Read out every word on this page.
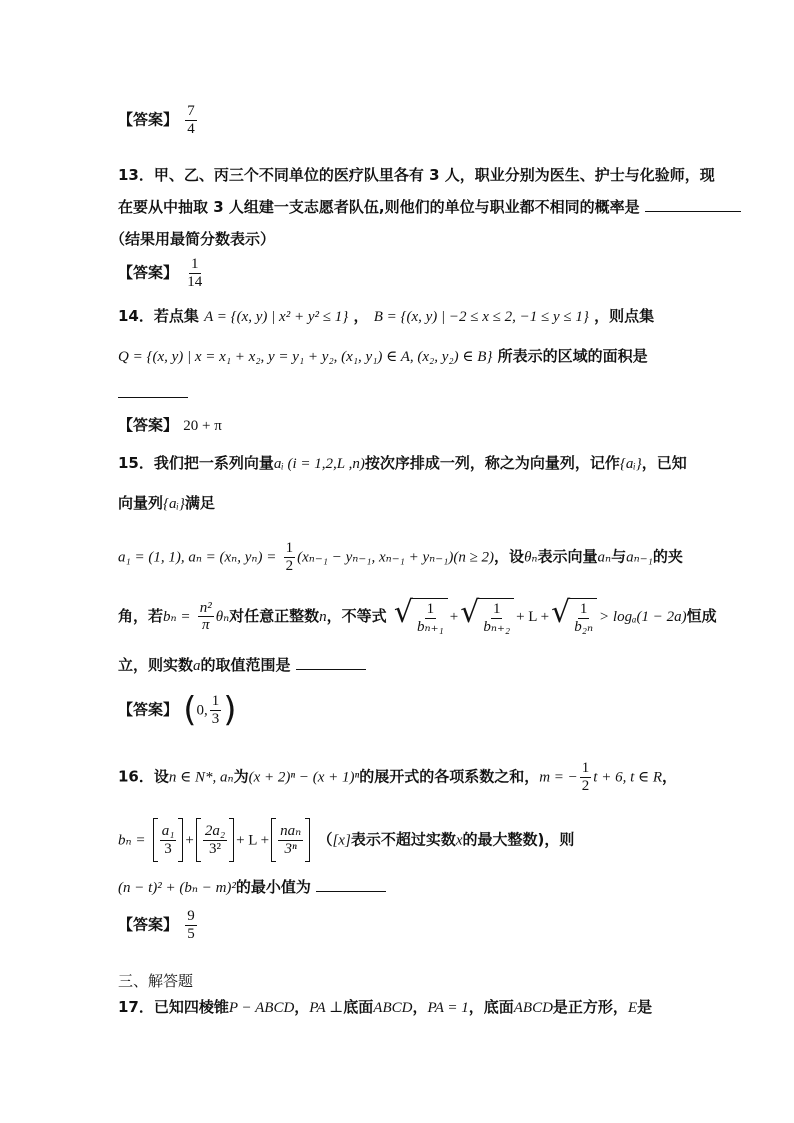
【答案】 $\frac{7}{4}$
13．甲、乙、丙三个不同单位的医疗队里各有 3 人，职业分别为医生、护士与化验师，现
在要从中抽取 3 人组建一支志愿者队伍,则他们的单位与职业都不相同的概率是
（结果用最简分数表示）
【答案】 $\frac{1}{14}$
14．若点集 A = {(x, y) | x² + y² ≤ 1} ， B = {(x, y) | −2 ≤ x ≤ 2, −1 ≤ y ≤ 1} ，则点集
Q = {(x, y) | x = x₁ + x₂, y = y₁ + y₂, (x₁, y₁) ∈ A, (x₂, y₂) ∈ B} 所表示的区域的面积是
【答案】 20 + π
15．我们把一系列向量aᵢ (i = 1,2,L ,n)按次序排成一列，称之为向量列，记作{aᵢ}，已知
向量列{aᵢ}满足
a₁ = (1, 1), aₙ = (xₙ, $y_n) = \frac{1}{2} (x_{n-1} - y_{n-1}$, xₙ₋₁ + yₙ₋₁)(n ≥ 2)，设θₙ表示向量aₙ与aₙ₋₁的夹
角，若$b_n = \frac{\text{n²}}{\pi}$ θₙ对任意正整数n，不等式 √ $\frac{1}{\text{bₙ₊₁}}$ + √ $\frac{1}{\text{bₙ₊₂}} + L$ + √ $\frac{1}{\text{b₂ₙ}} > \log_a(1 - 2a)$恒成
立，则实数a的取值范围是
【答案】 (0, $\frac{1}{3}$ )
16．设n ∈ N*, aₙ为(x + 2)ⁿ − (x + 1)ⁿ的展开式的各项系数之和，m = − $\frac{1}{2}$ t + 6, t ∈ R，
$b_n = \frac{\text{a₁}}{3} + \frac{\text{2a₂}}{\text{3²}} + L + \frac{\text{naₙ}}{\text{3ⁿ}} ([x]$表示不超过实数x的最大整数)，则
(n − t)² + (bₙ − m)²的最小值为
【答案】 $\frac{9}{5}$
三、解答题
17．已知四棱锥P − ABCD，PA ⊥底面ABCD，PA = 1，底面ABCD是正方形，E是
